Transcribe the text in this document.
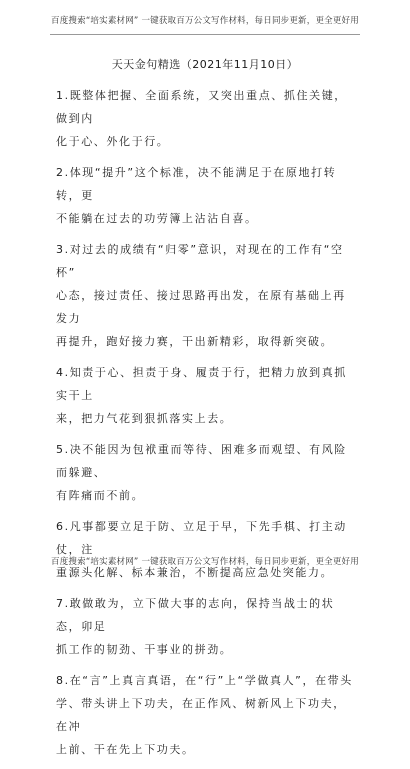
百度搜索“培实素材网” 一键获取百万公文写作材料，每日同步更新，更全更好用
天天金句精选（2021年11月10日）

1.既整体把握、全面系统，又突出重点、抓住关键，做到内

化于心、外化于行。

2.体现“提升”这个标准，决不能满足于在原地打转转，更

不能躺在过去的功劳簿上沾沾自喜。

3.对过去的成绩有“归零”意识，对现在的工作有“空杯”

心态，接过责任、接过思路再出发，在原有基础上再发力

再提升，跑好接力赛，干出新精彩，取得新突破。

4.知责于心、担责于身、履责于行，把精力放到真抓实干上

来，把力气花到狠抓落实上去。

5.决不能因为包袱重而等待、困难多而观望、有风险而躲避、

有阵痛而不前。

6.凡事都要立足于防、立足于早，下先手棋、打主动仗，注

重源头化解、标本兼治，不断提高应急处突能力。

7.敢做敢为，立下做大事的志向，保持当战士的状态，卯足

抓工作的韧劲、干事业的拼劲。

8.在“言”上真言真语，在“行”上“学做真人”，在带头

学、带头讲上下功夫，在正作风、树新风上下功夫，在冲

上前、干在先上下功夫。

百度搜索“培实素材网” 一键获取百万公文写作材料，每日同步更新，更全更好用
